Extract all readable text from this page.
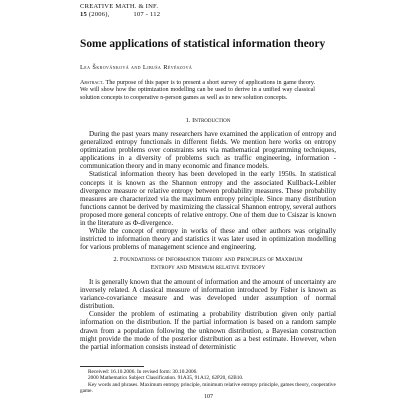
CREATIVE MATH. & INF.
15 (2006),	107 - 112
Some applications of statistical information theory
Lea Škrovánková and Libuša Révészová
Abstract. The purpose of this paper is to present a short survey of applications in game theory. We will show how the optimization modelling can be used to derive in a unified way classical solution concepts to cooperative n-person games as well as to new solution concepts.
1. Introduction

During the past years many researchers have examined the application of entropy and generalized entropy functionals in different fields. We mention here works on entropy optimization problems over constraints sets via mathematical programming techniques, applications in a diversity of problems such as traffic engineering, information - communication theory and in many economic and finance models.

Statistical information theory has been developed in the early 1950s. In statistical concepts it is known as the Shannon entropy and the associated Kullback-Leibler divergence measure or relative entropy between probability measures. These probability measures are characterized via the maximum entropy principle. Since many distribution functions cannot be derived by maximizing the classical Shannon entropy, several authors proposed more general concepts of relative entropy. One of them due to Csiszar is known in the literature as Φ-divergence.

While the concept of entropy in works of these and other authors was originally instricted to information theory and statistics it was later used in optimization modelling for various problems of management science and engineering.

2. Foundations of Information Theory and Principles of Maximum
Entropy and Minimum relative Entropy

It is generally known that the amount of information and the amount of uncertainty are inversely related. A classical measure of information introduced by Fisher is known as variance-covariance measure and was developed under assumption of normal distribution.

Consider the problem of estimating a probability distribution given only partial information on the distribution. If the partial information is based on a random sample drawn from a population following the unknown distribution, a Bayesian construction might provide the mode of the posterior distribution as a best estimate. However, when the partial information consists instead of deterministic

Received: 16.10.2006. In revised form: 30.10.2006.
2000 Mathematics Subject Classification. 91A35, 91A12, 62P20, 62B10.
Key words and phrases. Maximum entropy principle, minimum relative entropy principle, games theory, cooperative game.
107
